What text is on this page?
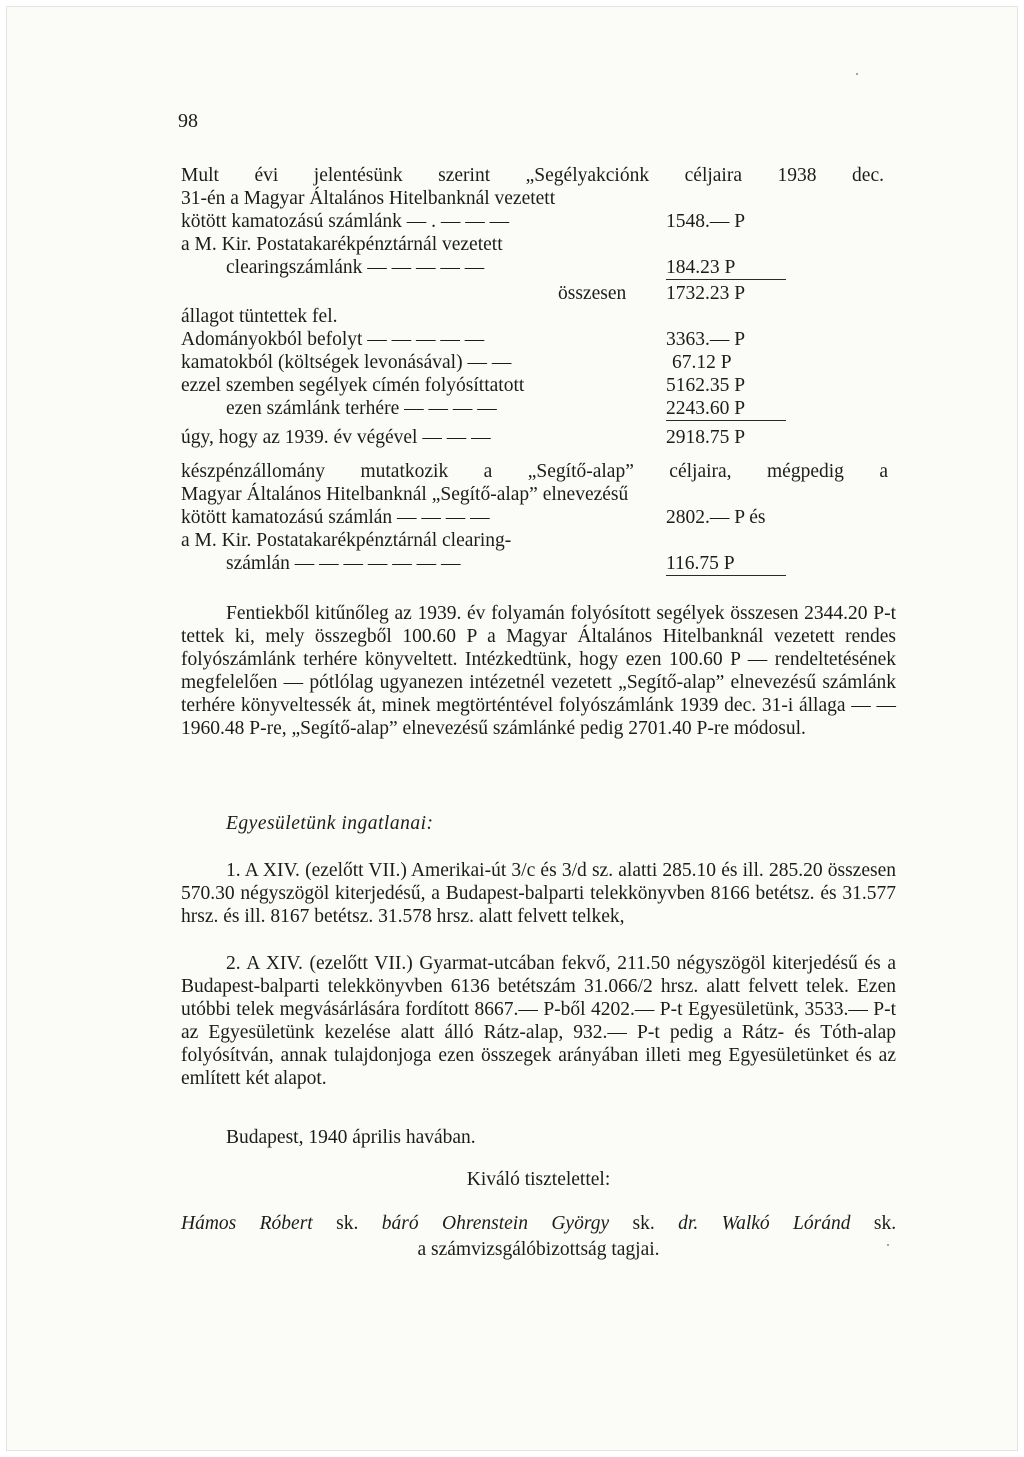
98
Mult évi jelentésünk szerint „Segélyakciónk céljaira 1938 dec.
31-én a Magyar Általános Hitelbanknál vezetett
kötött kamatozású számlánk — . — — —	1548.— P
a M. Kir. Postatakarékpénztárnál vezetett
clearingszámlánk — — — — —	184.23 P
összesen 1732.23 P
állagot tüntettek fel.
Adományokból befolyt — — — — —	3363.— P
kamatokból (költségek levonásával) — —	67.12 P
ezzel szemben segélyek címén folyósíttatott	5162.35 P
ezen számlánk terhére — — — —	2243.60 P
úgy, hogy az 1939. év végével — — —	2918.75 P
készpénzállomány mutatkozik a „Segítő-alap” céljaira, mégpedig a
Magyar Általános Hitelbanknál „Segítő-alap” elnevezésű
kötött kamatozású számlán — — — —	2802.— P és
a M. Kir. Postatakarékpénztárnál clearing-
számlán — — — — — — —	116.75 P

Fentiekből kitűnőleg az 1939. év folyamán folyósított segélyek összesen 2344.20 P-t tettek ki, mely összegből 100.60 P a Magyar Általános Hitelbanknál vezetett rendes folyószámlánk terhére könyveltett. Intézkedtünk, hogy ezen 100.60 P — rendeltetésének megfelelően — pótlólag ugyanezen intézetnél vezetett „Segítő-alap” elnevezésű számlánk terhére könyveltessék át, minek megtörténtével folyószámlánk 1939 dec. 31-i állaga — — 1960.48 P-re, „Segítő-alap” elnevezésű számlánké pedig 2701.40 P-re módosul.

Egyesületünk ingatlanai:

1. A XIV. (ezelőtt VII.) Amerikai-út 3/c és 3/d sz. alatti 285.10 és ill. 285.20 összesen 570.30 négyszögöl kiterjedésű, a Budapest-balparti telekkönyvben 8166 betétsz. és 31.577 hrsz. és ill. 8167 betétsz. 31.578 hrsz. alatt felvett telkek,

2. A XIV. (ezelőtt VII.) Gyarmat-utcában fekvő, 211.50 négyszögöl kiterjedésű és a Budapest-balparti telekkönyvben 6136 betétszám 31.066/2 hrsz. alatt felvett telek. Ezen utóbbi telek megvásárlására fordított 8667.— P-ből 4202.— P-t Egyesületünk, 3533.— P-t az Egyesületünk kezelése alatt álló Rátz-alap, 932.— P-t pedig a Rátz- és Tóth-alap folyósítván, annak tulajdonjoga ezen összegek arányában illeti meg Egyesületünket és az említett két alapot.

Budapest, 1940 április havában.
Kiváló tisztelettel:
Hámos Róbert sk. báró Ohrenstein György sk. dr. Walkó Lóránd sk.
a számvizsgálóbizottság tagjai.
